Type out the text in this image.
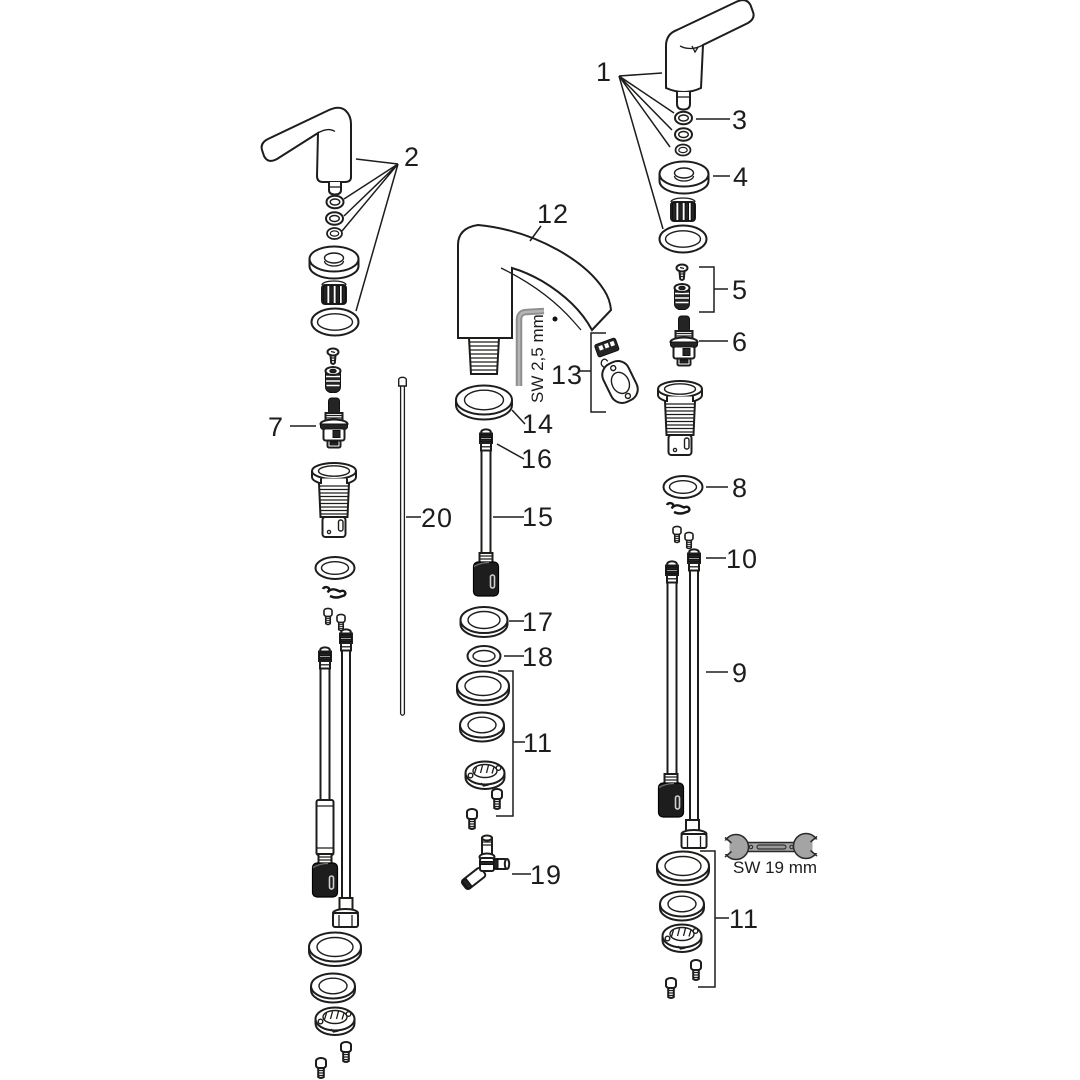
1
2
3
4
5
6
7
8
9
10
11
11
12
13
14
15
16
17
18
19
20
SW 2,5 mm
SW 19 mm
